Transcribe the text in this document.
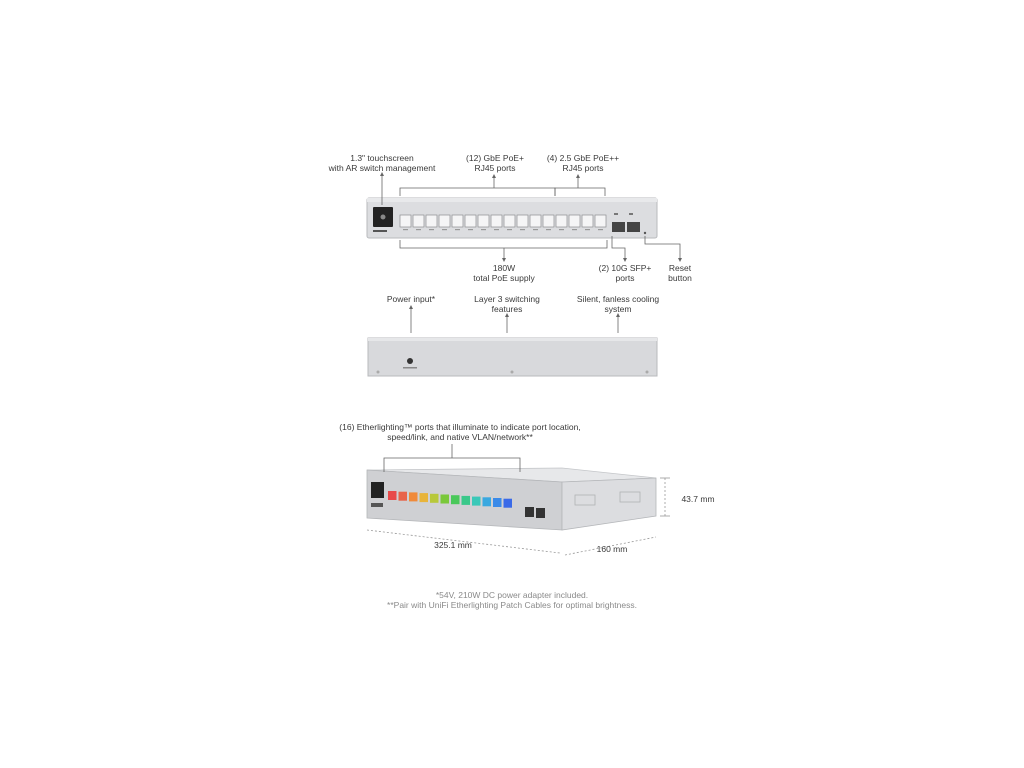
1.3" touchscreen
with AR switch management
(12) GbE PoE+
RJ45 ports
(4) 2.5 GbE PoE++
RJ45 ports
180W
total PoE supply
(2) 10G SFP+
ports
Reset
button
Power input*	Layer 3 switching
features
Silent, fanless cooling
system
(16) Etherlighting™ ports that illuminate to indicate port location,
speed/link, and native VLAN/network**
43.7 mm
325.1 mm	160 mm
*54V, 210W DC power adapter included.
**Pair with UniFi Etherlighting Patch Cables for optimal brightness.
